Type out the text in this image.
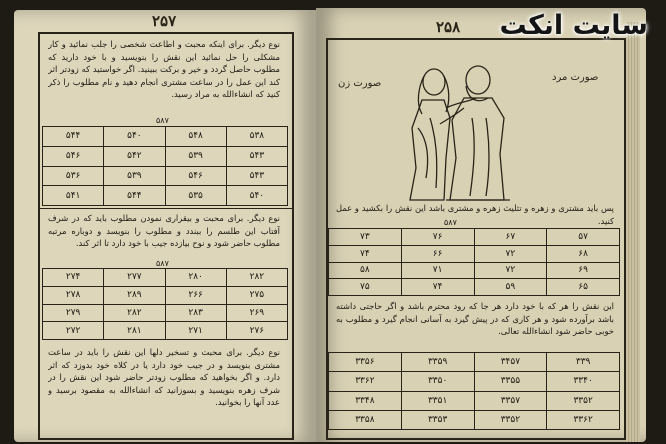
۲۵۷
نوع دیگر. برای اینکه محبت و اطاعت شخصی را جلب نمائید و کار مشکلی را حل نمائید این نقش را بنویسید و با خود دارید که مطلوب حاصل گردد و خیر و برکت ببینید. اگر خواستید که زودتر اثر کند این عمل را در ساعت مشتری انجام دهید و نام مطلوب را ذکر کنید که انشاءالله به مراد رسید.
۵۸۷
۵۳۸	۵۴۸	۵۴۰	۵۴۴
۵۴۳	۵۳۹	۵۴۲	۵۴۶
۵۴۳	۵۴۶	۵۳۹	۵۳۶
۵۴۰	۵۳۵	۵۴۴	۵۴۱
نوع دیگر. برای محبت و بیقراری نمودن مطلوب باید که در شرف آفتاب این طلسم را ببندد و مطلوب را بنویسد و دوباره مرتبه مطلوب حاضر شود و نوح بیازده جیب با خود دارد تا اثر کند.
۵۸۷
۲۸۲	۲۸۰	۲۷۷	۲۷۴
۲۷۵	۲۶۶	۲۸۹	۲۷۸
۲۶۹	۲۸۳	۲۸۲	۲۷۹
۲۷۶	۲۷۱	۲۸۱	۲۷۲
نوع دیگر. برای محبت و تسخیر دلها این نقش را باید در ساعت مشتری بنویسد و در جیب خود دارد یا در کلاه خود بدوزد که اثر دارد. و اگر بخواهید که مطلوب زودتر حاضر شود این نقش را در شرف زهره بنویسید و بسوزانید که انشاءالله به مقصود برسید و عدد آنها را بخوانید.
۲۵۸
صورت زن
صورت مرد
پس باید مشتری و زهره و تثلیث زهره و مشتری باشد این نقش را بکشید و عمل کنید.
۵۸۷
۵۷	۶۷	۷۶	۷۳
۶۸	۷۲	۶۶	۷۴
۶۹	۷۲	۷۱	۵۸
۶۵	۵۹	۷۴	۷۵
این نقش را هر که با خود دارد هر جا که رود محترم باشد و اگر حاجتی داشته باشد برآورده شود و هر کاری که در پیش گیرد به آسانی انجام گیرد و مطلوب به خوبی حاضر شود انشاءالله تعالی.
۳۳۹	۳۴۵۷	۳۳۵۹	۳۳۵۶
۳۳۴۰	۳۳۵۵	۳۳۵۰	۳۳۶۲
۳۳۵۲	۳۳۵۷	۳۳۵۱	۳۳۴۸
۳۳۶۲	۳۳۵۲	۳۳۵۳	۳۳۵۸
سایت انکت
